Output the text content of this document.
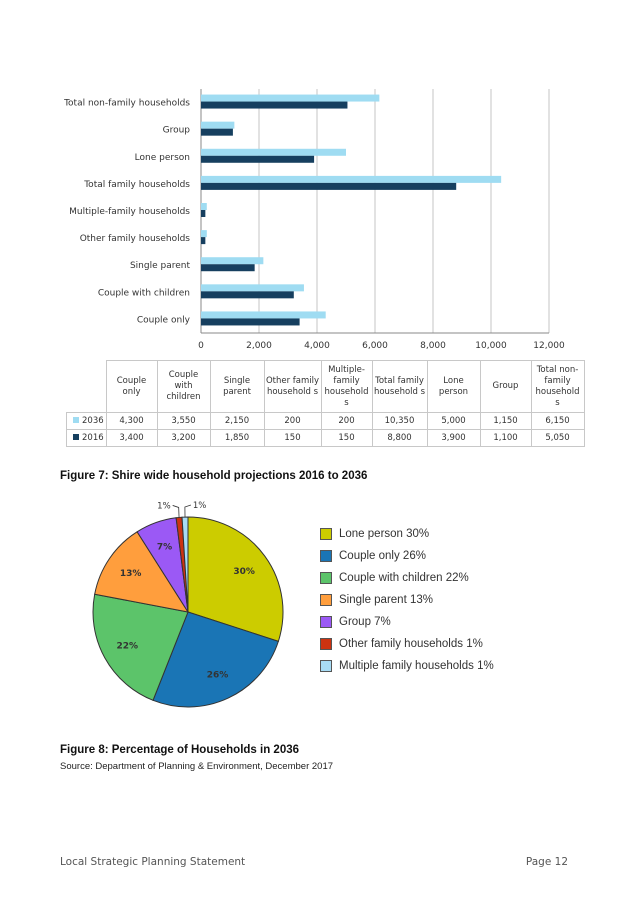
Total non-family households
Group
Lone person
Total family households
Multiple-family households
Other family households
Single parent
Couple with children
Couple only
0	2,000	4,000	6,000	8,000	10,000	12,000
	Couple only	Couple with children	Single parent	Other family household s	Multiple-family household s	Total family household s	Lone person	Group	Total non-family household s
2036	4,300	3,550	2,150	200	200	10,350	5,000	1,150	6,150
2016	3,400	3,200	1,850	150	150	8,800	3,900	1,100	5,050
Figure 7: Shire wide household projections 2016 to 2036
30%
26%
22%
13%
7%
1%	1%
Lone person 30%
Couple only 26%
Couple with children 22%
Single parent 13%
Group 7%
Other family households 1%
Multiple family households 1%
Figure 8: Percentage of Households in 2036
Source: Department of Planning & Environment, December 2017
Local Strategic Planning Statement	Page 12
